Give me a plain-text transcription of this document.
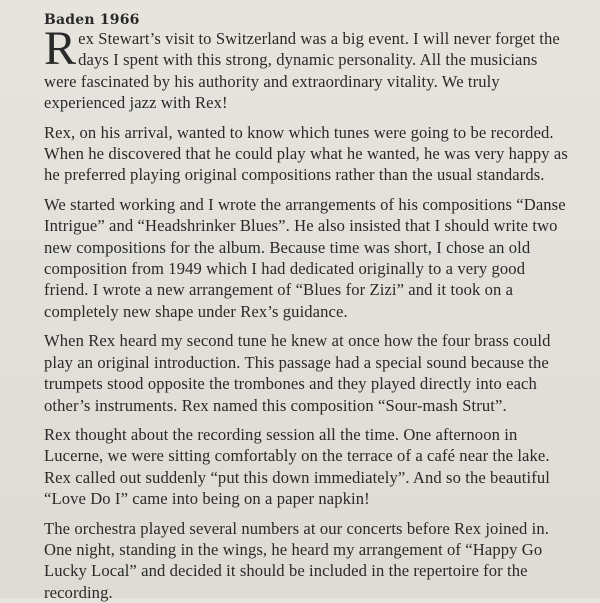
Baden 1966

Rex Stewart’s visit to Switzerland was a big event. I will never forget the days I spent with this strong, dynamic personality. All the musicians were fascinated by his authority and extraordinary vitality. We truly experienced jazz with Rex!

Rex, on his arrival, wanted to know which tunes were going to be recorded. When he discovered that he could play what he wanted, he was very happy as he preferred playing original compositions rather than the usual standards.

We started working and I wrote the arrangements of his compositions “Danse Intrigue” and “Headshrinker Blues”. He also insisted that I should write two new compositions for the album. Because time was short, I chose an old composition from 1949 which I had dedicated originally to a very good friend. I wrote a new arrangement of “Blues for Zizi” and it took on a completely new shape under Rex’s guidance.

When Rex heard my second tune he knew at once how the four brass could play an original introduction. This passage had a special sound because the trumpets stood opposite the trombones and they played directly into each other’s instruments. Rex named this composition “Sour-mash Strut”.

Rex thought about the recording session all the time. One afternoon in Lucerne, we were sitting comfortably on the terrace of a café near the lake. Rex called out suddenly “put this down immediately”. And so the beautiful “Love Do I” came into being on a paper napkin!

The orchestra played several numbers at our concerts before Rex joined in. One night, standing in the wings, he heard my arrangement of “Happy Go Lucky Local” and decided it should be included in the repertoire for the recording.
